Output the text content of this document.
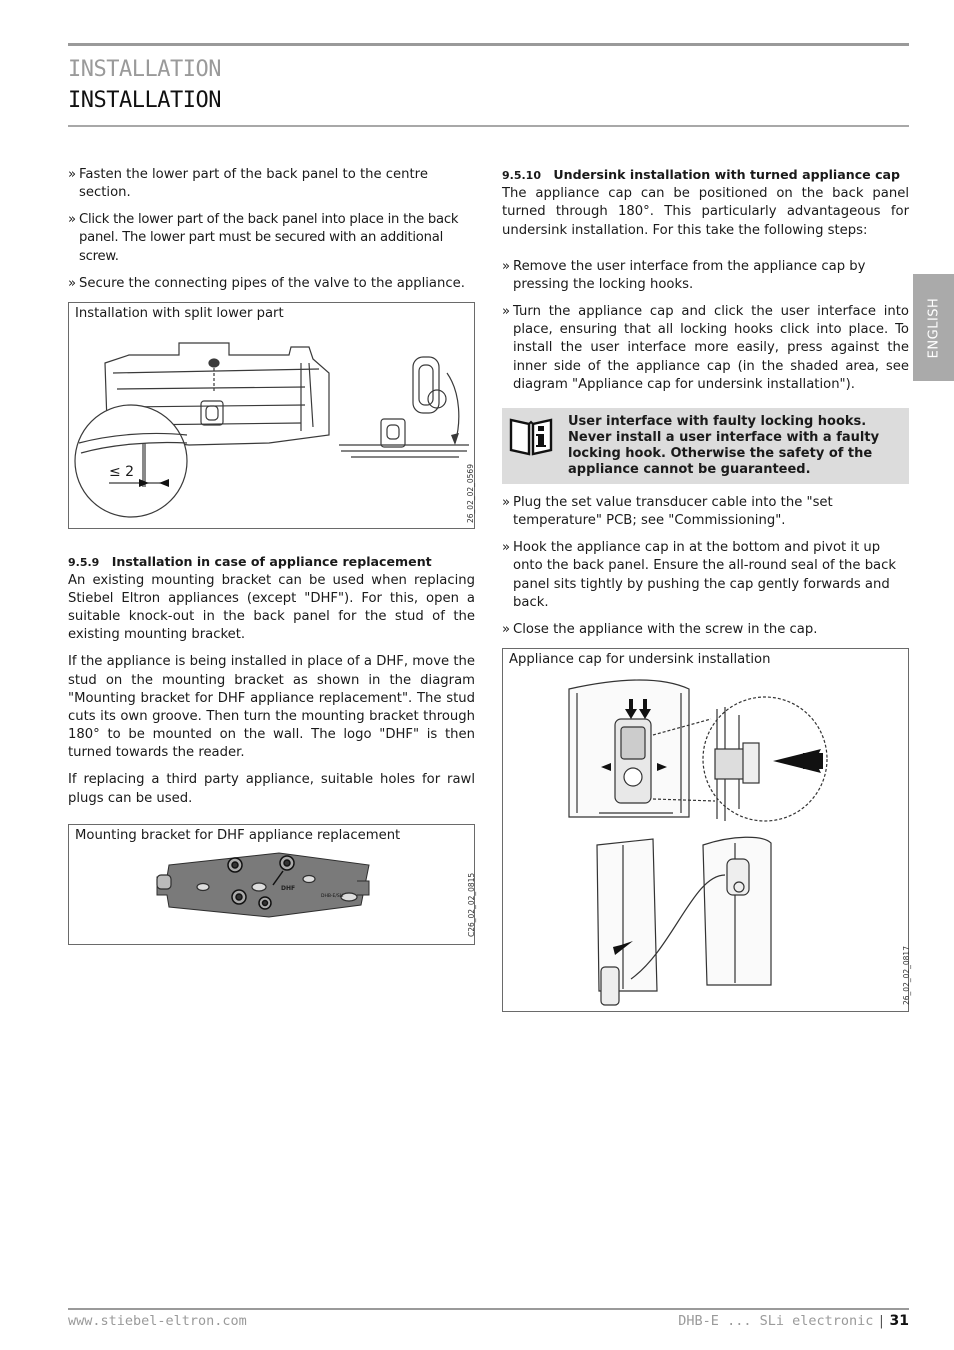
INSTALLATION
INSTALLATION
ENGLISH
» Fasten the lower part of the back panel to the centre section.
» Click the lower part of the back panel into place in the back panel. The lower part must be secured with an additional screw.
» Secure the connecting pipes of the valve to the appliance.
Installation with split lower part
≤ 2	26_02_02_0569
9.5.9 Installation in case of appliance replacement

An existing mounting bracket can be used when replacing Stiebel Eltron appliances (except "DHF"). For this, open a suitable knock-out in the back panel for the stud of the existing mounting bracket.

If the appliance is being installed in place of a DHF, move the stud on the mounting bracket as shown in the diagram "Mounting bracket for DHF appliance replacement". The stud cuts its own groove. Then turn the mounting bracket through 180° to be mounted on the wall. The logo "DHF" is then turned towards the reader.

If replacing a third party appliance, suitable holes for rawl plugs can be used.

Mounting bracket for DHF appliance replacement
DHF
DHB-E/SLi	C26_02_02_0815
9.5.10 Undersink installation with turned appliance cap

The appliance cap can be positioned on the back panel turned through 180°. This particularly advantageous for undersink installation. For this take the following steps:

» Remove the user interface from the appliance cap by pressing the locking hooks.
» Turn the appliance cap and click the user interface into place, ensuring that all locking hooks click into place. To install the user interface more easily, press against the inner side of the appliance cap (in the shaded area, see diagram "Appliance cap for undersink installation").
User interface with faulty locking hooks.
Never install a user interface with a faulty locking hook. Otherwise the safety of the appliance cannot be guaranteed.
» Plug the set value transducer cable into the "set temperature" PCB; see "Commissioning".
» Hook the appliance cap in at the bottom and pivot it up onto the back panel. Ensure the all-round seal of the back panel sits tightly by pushing the cap gently forwards and back.
» Close the appliance with the screw in the cap.
Appliance cap for undersink installation
26_02_02_0817
www.stiebel-eltron.com	DHB-E ... SLi electronic | 31
